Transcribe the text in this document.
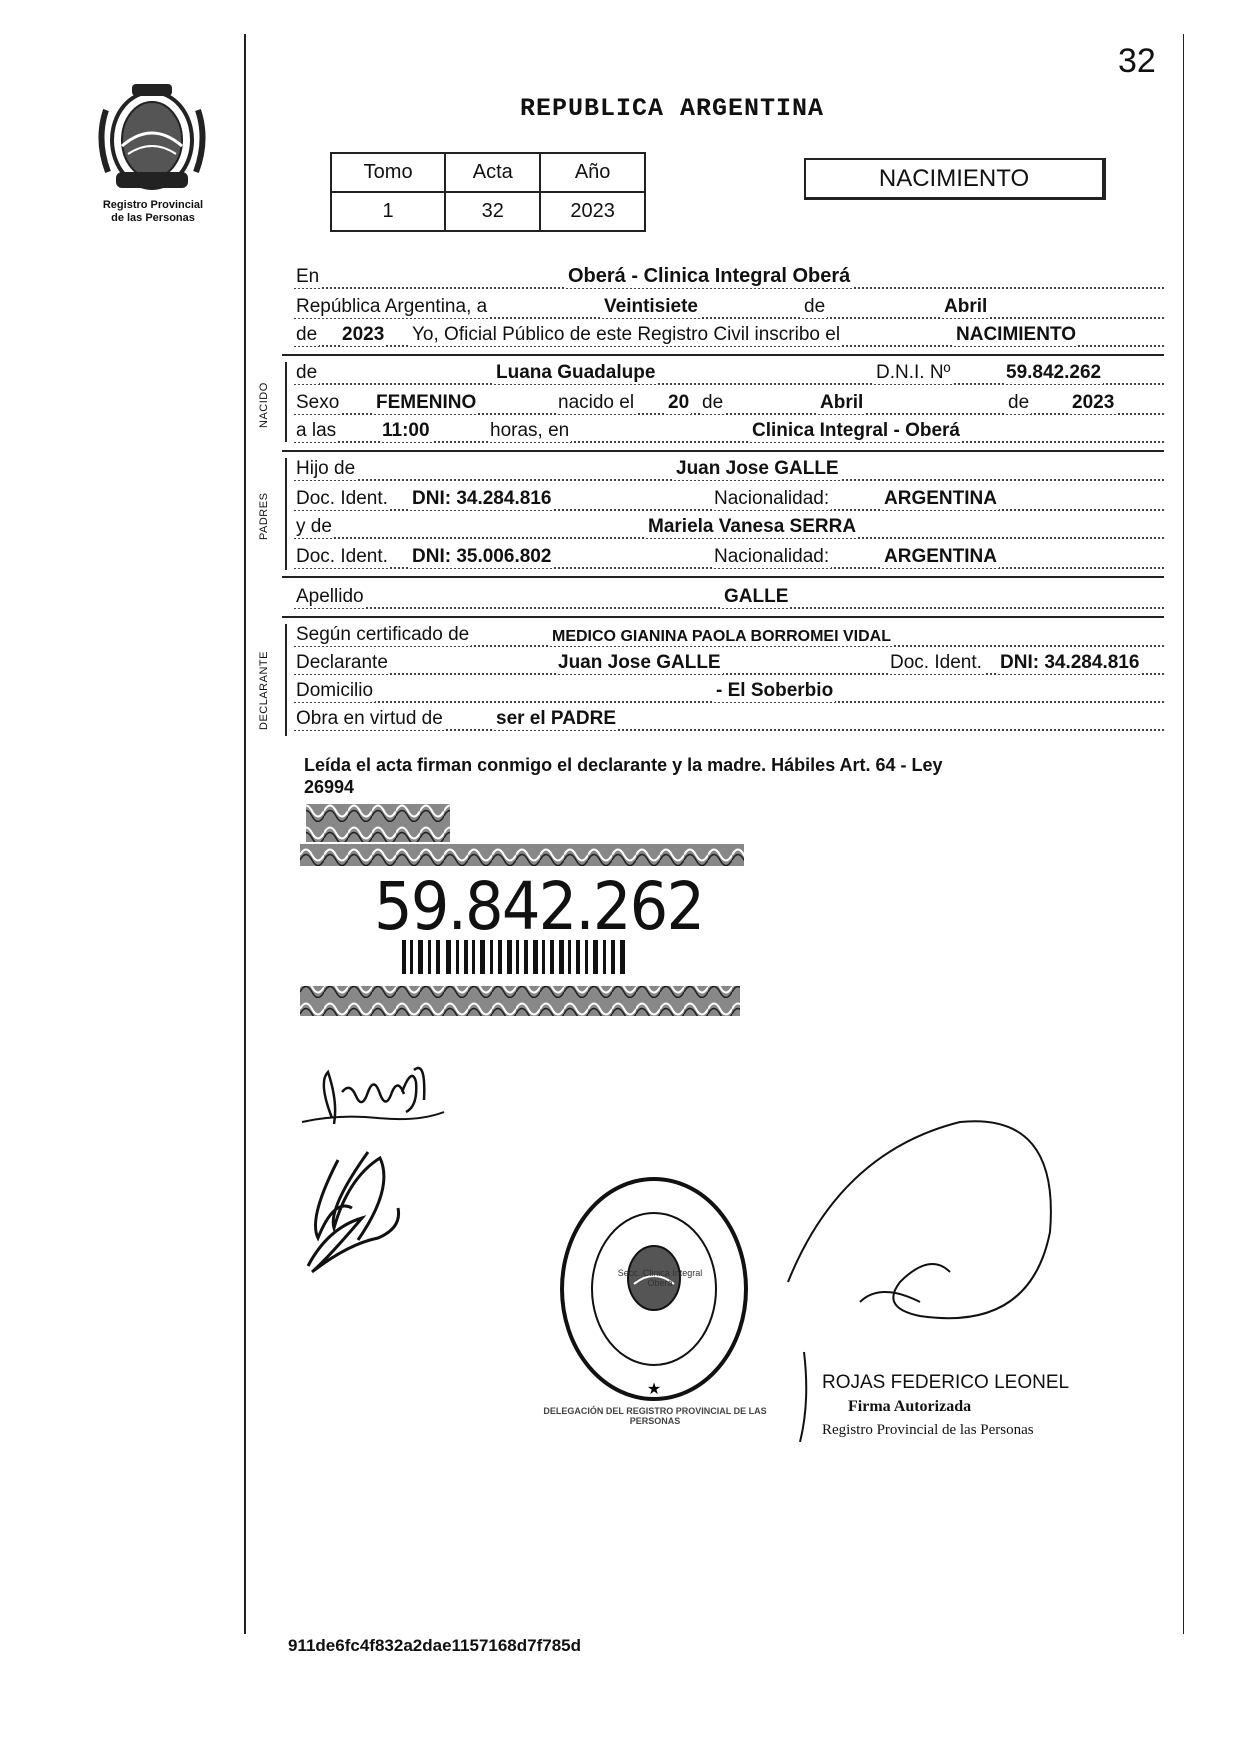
32
Registro Provincial
de las Personas
REPUBLICA ARGENTINA
Tomo	Acta	Año
1	32	2023
NACIMIENTO
En	Oberá - Clinica Integral Oberá
República Argentina, a	Veintisiete	de	Abril
de 2023 Yo, Oficial Público de este Registro Civil inscribo el	NACIMIENTO
NACIDO
de	Luana Guadalupe	D.N.I. Nº	59.842.262
Sexo FEMENINO	nacido el 20 de	Abril	de 2023
a las 11:00	horas, en	Clinica Integral - Oberá
PADRES
Hijo de	Juan Jose GALLE
Doc. Ident. DNI: 34.284.816	Nacionalidad:	ARGENTINA
y de	Mariela Vanesa SERRA
Doc. Ident. DNI: 35.006.802	Nacionalidad:	ARGENTINA
Apellido	GALLE
DECLARANTE
Según certificado de	MEDICO GIANINA PAOLA BORROMEI VIDAL
Declarante	Juan Jose GALLE	Doc. Ident. DNI: 34.284.816
Domicilio	- El Soberbio
Obra en virtud de	ser el PADRE
Leída el acta firman conmigo el declarante y la madre. Hábiles Art. 64 - Ley
26994
59.842.262
★
DELEGACIÓN DEL REGISTRO PROVINCIAL DE LAS PERSONAS
Secc. Clinica Integral Oberá
ROJAS FEDERICO LEONEL
Firma Autorizada
Registro Provincial de las Personas
911de6fc4f832a2dae1157168d7f785d
